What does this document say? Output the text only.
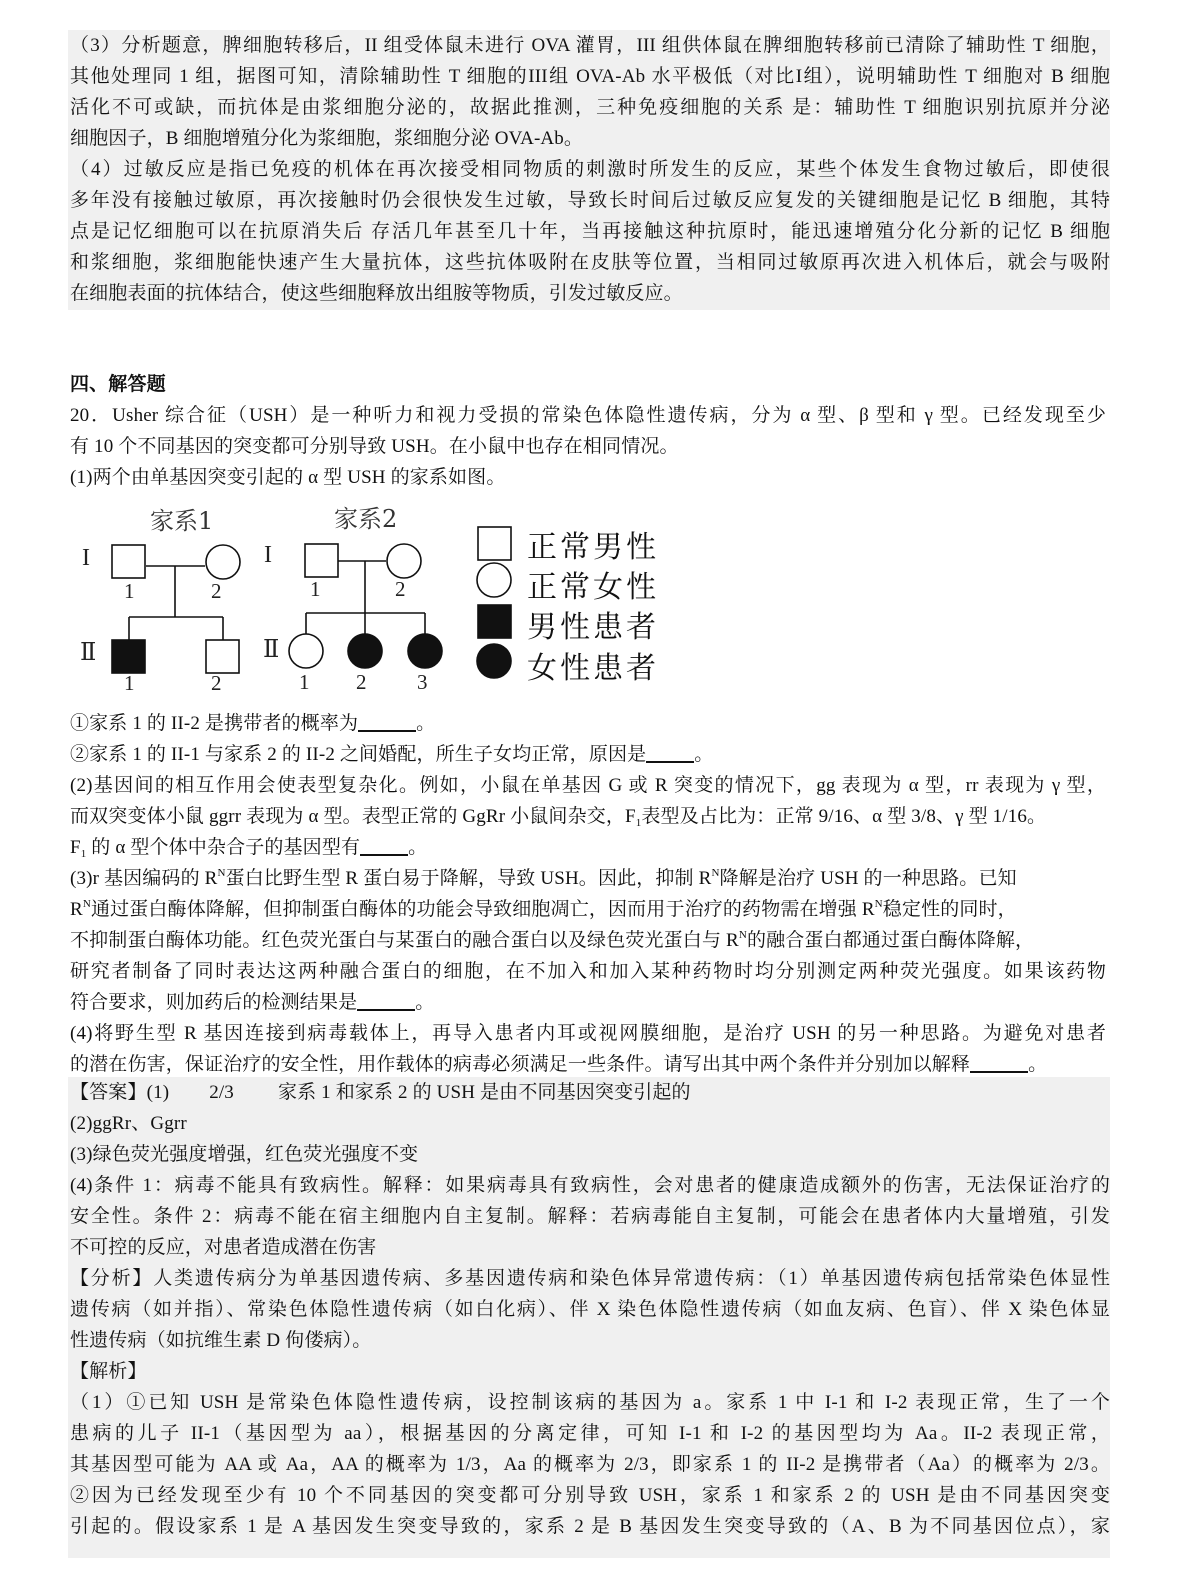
（3）分析题意，脾细胞转移后，II 组受体鼠未进行 OVA 灌胃，III 组供体鼠在脾细胞转移前已清除了辅助性 T 细胞，
其他处理同 1 组，据图可知，清除辅助性 T 细胞的III组 OVA-Ab 水平极低（对比I组），说明辅助性 T 细胞对 B 细胞
活化不可或缺，而抗体是由浆细胞分泌的，故据此推测，三种免疫细胞的关系 是：辅助性 T 细胞识别抗原并分泌
细胞因子，B 细胞增殖分化为浆细胞，浆细胞分泌 OVA-Ab。
（4）过敏反应是指已免疫的机体在再次接受相同物质的刺激时所发生的反应，某些个体发生食物过敏后，即使很
多年没有接触过敏原，再次接触时仍会很快发生过敏，导致长时间后过敏反应复发的关键细胞是记忆 B 细胞，其特
点是记忆细胞可以在抗原消失后 存活几年甚至几十年，当再接触这种抗原时，能迅速增殖分化分新的记忆 B 细胞
和浆细胞，浆细胞能快速产生大量抗体，这些抗体吸附在皮肤等位置，当相同过敏原再次进入机体后，就会与吸附
在细胞表面的抗体结合，使这些细胞释放出组胺等物质，引发过敏反应。
四、解答题
20．Usher 综合征（USH）是一种听力和视力受损的常染色体隐性遗传病，分为 α 型、β 型和 γ 型。已经发现至少
有 10 个不同基因的突变都可分别导致 USH。在小鼠中也存在相同情况。
(1)两个由单基因突变引起的 α 型 USH 的家系如图。
家系1	家系2
I
Ⅱ
I
Ⅱ
1	2
1	2
1	2
1 2 3
正常男性
正常女性
男性患者
女性患者
①家系 1 的 II-2 是携带者的概率为	。
②家系 1 的 II-1 与家系 2 的 II-2 之间婚配，所生子女均正常，原因是	。
(2)基因间的相互作用会使表型复杂化。例如，小鼠在单基因 G 或 R 突变的情况下，gg 表现为 α 型，rr 表现为 γ 型，
而双突变体小鼠 ggrr 表现为 α 型。表型正常的 GgRr 小鼠间杂交，$F_1$表型及占比为：正常 9/16、α 型 3/8、γ 型 1/16。
$F_1$ 的 α 型个体中杂合子的基因型有	。
(3)r 基因编码的 $R^N$蛋白比野生型 R 蛋白易于降解，导致 USH。因此，抑制 $R^N$降解是治疗 USH 的一种思路。已知
$R^N$通过蛋白酶体降解，但抑制蛋白酶体的功能会导致细胞凋亡，因而用于治疗的药物需在增强 $R^N$稳定性的同时，
不抑制蛋白酶体功能。红色荧光蛋白与某蛋白的融合蛋白以及绿色荧光蛋白与 $R^N$的融合蛋白都通过蛋白酶体降解，
研究者制备了同时表达这两种融合蛋白的细胞，在不加入和加入某种药物时均分别测定两种荧光强度。如果该药物
符合要求，则加药后的检测结果是	。
(4)将野生型 R 基因连接到病毒载体上，再导入患者内耳或视网膜细胞，是治疗 USH 的另一种思路。为避免对患者
的潜在伤害，保证治疗的安全性，用作载体的病毒必须满足一些条件。请写出其中两个条件并分别加以解释	。
【答案】(1) 2/3 家系 1 和家系 2 的 USH 是由不同基因突变引起的
(2)ggRr、Ggrr
(3)绿色荧光强度增强，红色荧光强度不变
(4)条件 1：病毒不能具有致病性。解释：如果病毒具有致病性，会对患者的健康造成额外的伤害，无法保证治疗的
安全性。条件 2：病毒不能在宿主细胞内自主复制。解释：若病毒能自主复制，可能会在患者体内大量增殖，引发
不可控的反应，对患者造成潜在伤害
【分析】人类遗传病分为单基因遗传病、多基因遗传病和染色体异常遗传病：（1）单基因遗传病包括常染色体显性
遗传病（如并指）、常染色体隐性遗传病（如白化病）、伴 X 染色体隐性遗传病（如血友病、色盲）、伴 X 染色体显
性遗传病（如抗维生素 D 佝偻病）。
【解析】
（1）①已知 USH 是常染色体隐性遗传病，设控制该病的基因为 a。家系 1 中 I-1 和 I-2 表现正常，生了一个
患病的儿子 II-1（基因型为 aa），根据基因的分离定律，可知 I-1 和 I-2 的基因型均为 Aa。II-2 表现正常，
其基因型可能为 AA 或 Aa，AA 的概率为 1/3，Aa 的概率为 2/3，即家系 1 的 II-2 是携带者（Aa）的概率为 2/3。
②因为已经发现至少有 10 个不同基因的突变都可分别导致 USH，家系 1 和家系 2 的 USH 是由不同基因突变
引起的。假设家系 1 是 A 基因发生突变导致的，家系 2 是 B 基因发生突变导致的（A、B 为不同基因位点），家
